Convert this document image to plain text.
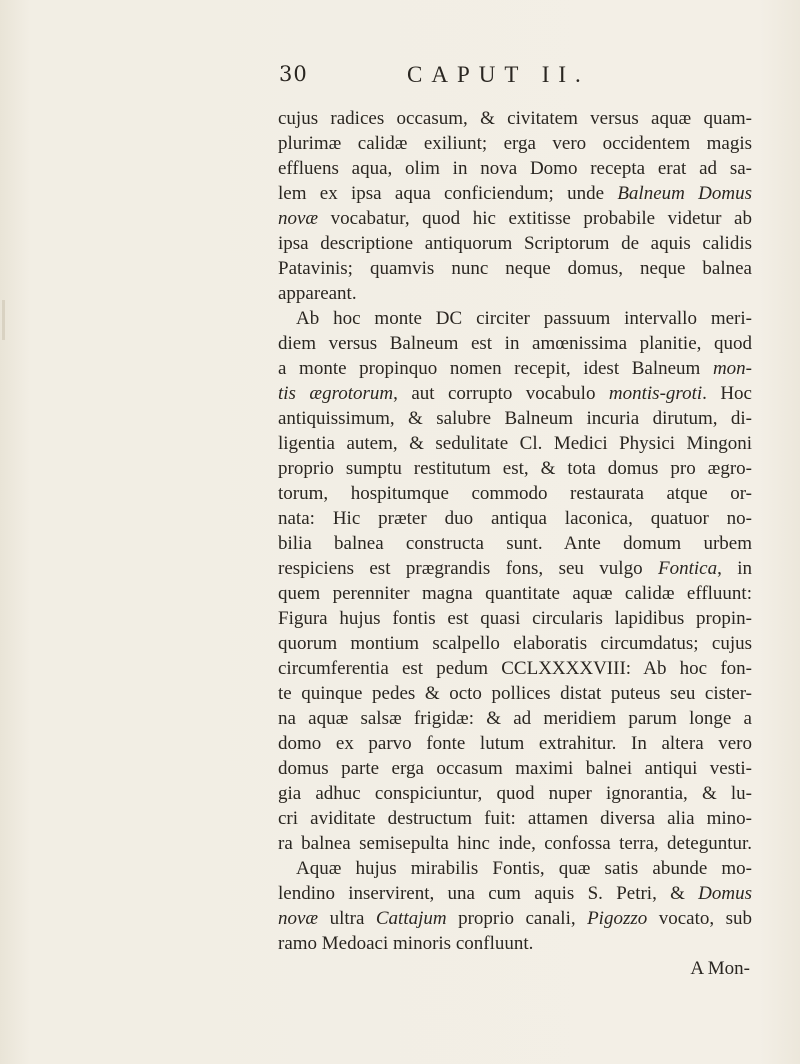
30	CAPUT II.
cujus radices occasum, & civitatem versus aquæ quam-
plurimæ calidæ exiliunt; erga vero occidentem magis
effluens aqua, olim in nova Domo recepta erat ad sa-
lem ex ipsa aqua conficiendum; unde Balneum Domus
novæ vocabatur, quod hic extitisse probabile videtur ab
ipsa descriptione antiquorum Scriptorum de aquis calidis
Patavinis; quamvis nunc neque domus, neque balnea
appareant.
Ab hoc monte DC circiter passuum intervallo meri-
diem versus Balneum est in amœnissima planitie, quod
a monte propinquo nomen recepit, idest Balneum mon-
tis ægrotorum, aut corrupto vocabulo montis-groti. Hoc
antiquissimum, & salubre Balneum incuria dirutum, di-
ligentia autem, & sedulitate Cl. Medici Physici Mingoni
proprio sumptu restitutum est, & tota domus pro ægro-
torum, hospitumque commodo restaurata atque or-
nata: Hic præter duo antiqua laconica, quatuor no-
bilia balnea constructa sunt. Ante domum urbem
respiciens est prægrandis fons, seu vulgo Fontica, in
quem perenniter magna quantitate aquæ calidæ effluunt:
Figura hujus fontis est quasi circularis lapidibus propin-
quorum montium scalpello elaboratis circumdatus; cujus
circumferentia est pedum CCLXXXXVIII: Ab hoc fon-
te quinque pedes & octo pollices distat puteus seu cister-
na aquæ salsæ frigidæ: & ad meridiem parum longe a
domo ex parvo fonte lutum extrahitur. In altera vero
domus parte erga occasum maximi balnei antiqui vesti-
gia adhuc conspiciuntur, quod nuper ignorantia, & lu-
cri aviditate destructum fuit: attamen diversa alia mino-
ra balnea semisepulta hinc inde, confossa terra, deteguntur.
Aquæ hujus mirabilis Fontis, quæ satis abunde mo-
lendino inservirent, una cum aquis S. Petri, & Domus
novæ ultra Cattajum proprio canali, Pigozzo vocato, sub
ramo Medoaci minoris confluunt.
A Mon-
